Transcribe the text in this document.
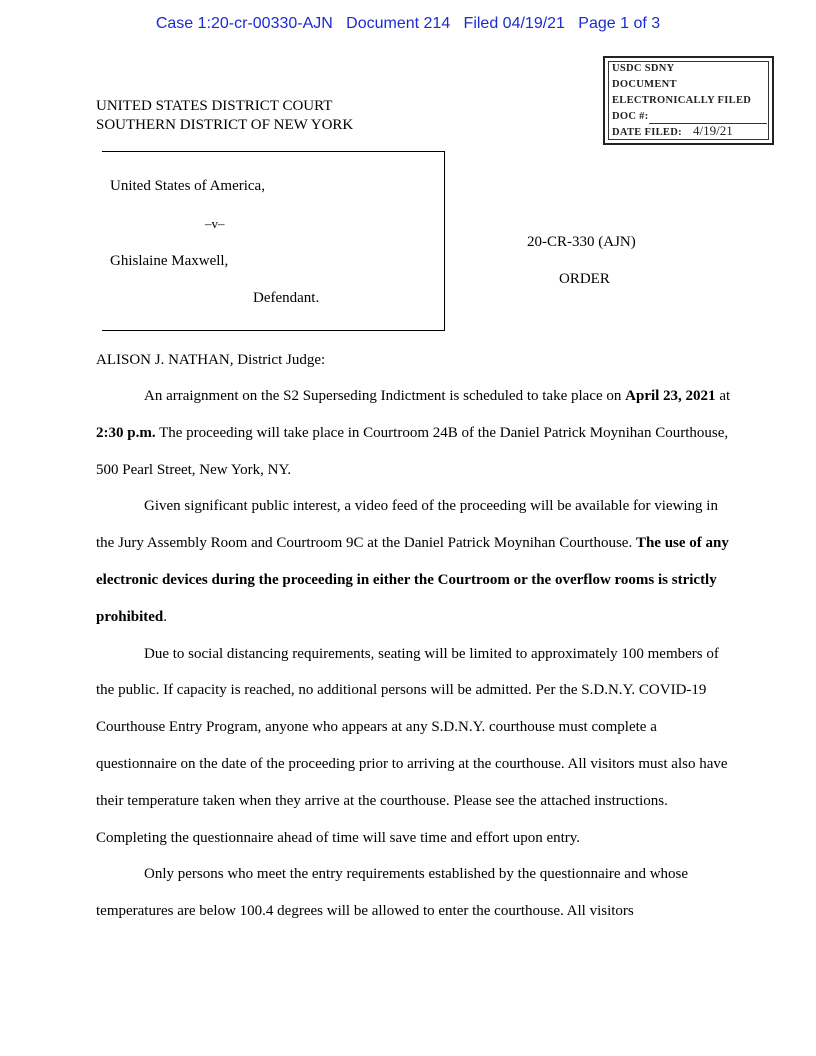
Case 1:20-cr-00330-AJN   Document 214   Filed 04/19/21   Page 1 of 3
USDC SDNY
DOCUMENT
ELECTRONICALLY FILED
DOC #:
DATE FILED: 4/19/21
UNITED STATES DISTRICT COURT
SOUTHERN DISTRICT OF NEW YORK
United States of America,
–v–
Ghislaine Maxwell,
Defendant.
20-CR-330 (AJN)
ORDER
ALISON J. NATHAN, District Judge:

An arraignment on the S2 Superseding Indictment is scheduled to take place on April 23, 2021 at 2:30 p.m. The proceeding will take place in Courtroom 24B of the Daniel Patrick Moynihan Courthouse, 500 Pearl Street, New York, NY.

Given significant public interest, a video feed of the proceeding will be available for viewing in the Jury Assembly Room and Courtroom 9C at the Daniel Patrick Moynihan Courthouse. The use of any electronic devices during the proceeding in either the Courtroom or the overflow rooms is strictly prohibited.

Due to social distancing requirements, seating will be limited to approximately 100 members of the public. If capacity is reached, no additional persons will be admitted. Per the S.D.N.Y. COVID-19 Courthouse Entry Program, anyone who appears at any S.D.N.Y. courthouse must complete a questionnaire on the date of the proceeding prior to arriving at the courthouse. All visitors must also have their temperature taken when they arrive at the courthouse. Please see the attached instructions. Completing the questionnaire ahead of time will save time and effort upon entry.

Only persons who meet the entry requirements established by the questionnaire and whose temperatures are below 100.4 degrees will be allowed to enter the courthouse. All visitors
